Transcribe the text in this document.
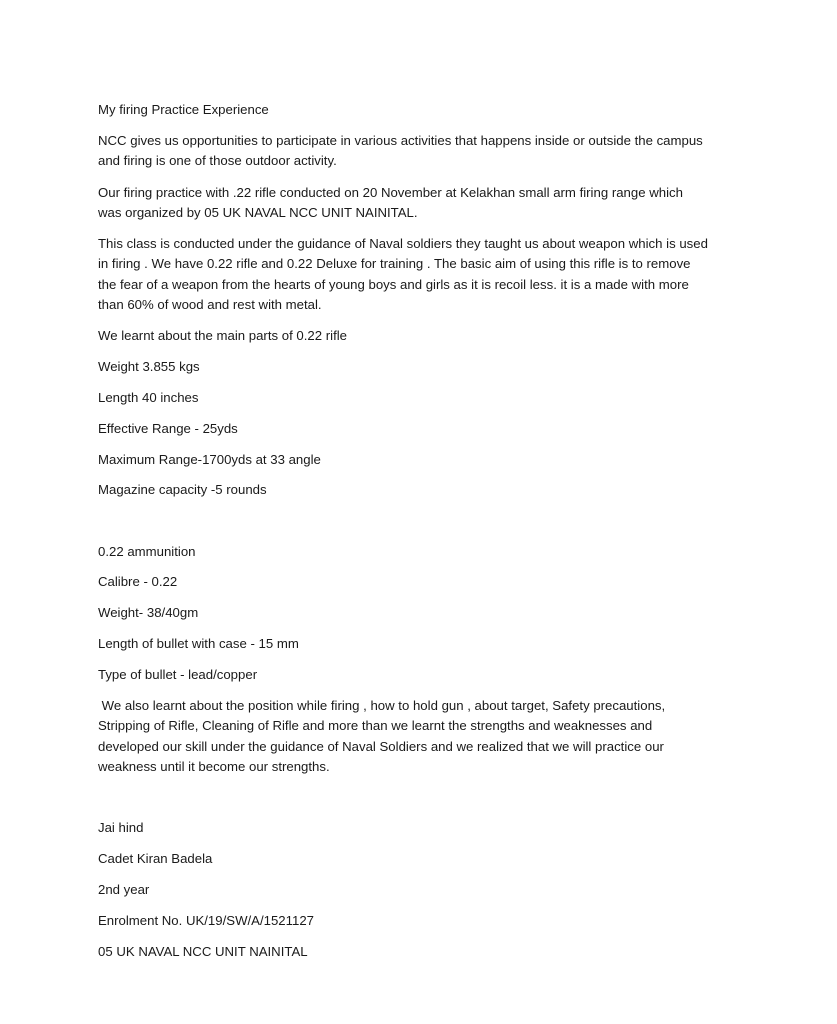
My firing Practice Experience
NCC gives us opportunities to participate in various activities that happens inside or outside the campus
and firing is one of those outdoor activity.
Our firing practice with .22 rifle conducted on 20 November at Kelakhan small arm firing range which
was organized by 05 UK NAVAL NCC UNIT NAINITAL.
This class is conducted under the guidance of Naval soldiers they taught us about weapon which is used
in firing . We have 0.22 rifle and 0.22 Deluxe for training . The basic aim of using this rifle is to remove
the fear of a weapon from the hearts of young boys and girls as it is recoil less. it is a made with more
than 60% of wood and rest with metal.
We learnt about the main parts of 0.22 rifle
Weight 3.855 kgs
Length 40 inches
Effective Range - 25yds
Maximum Range-1700yds at 33 angle
Magazine capacity -5 rounds
0.22 ammunition
Calibre - 0.22
Weight- 38/40gm
Length of bullet with case - 15 mm
Type of bullet - lead/copper
We also learnt about the position while firing , how to hold gun , about target, Safety precautions,
Stripping of Rifle, Cleaning of Rifle and more than we learnt the strengths and weaknesses and
developed our skill under the guidance of Naval Soldiers and we realized that we will practice our
weakness until it become our strengths.
Jai hind
Cadet Kiran Badela
2nd year
Enrolment No. UK/19/SW/A/1521127
05 UK NAVAL NCC UNIT NAINITAL
